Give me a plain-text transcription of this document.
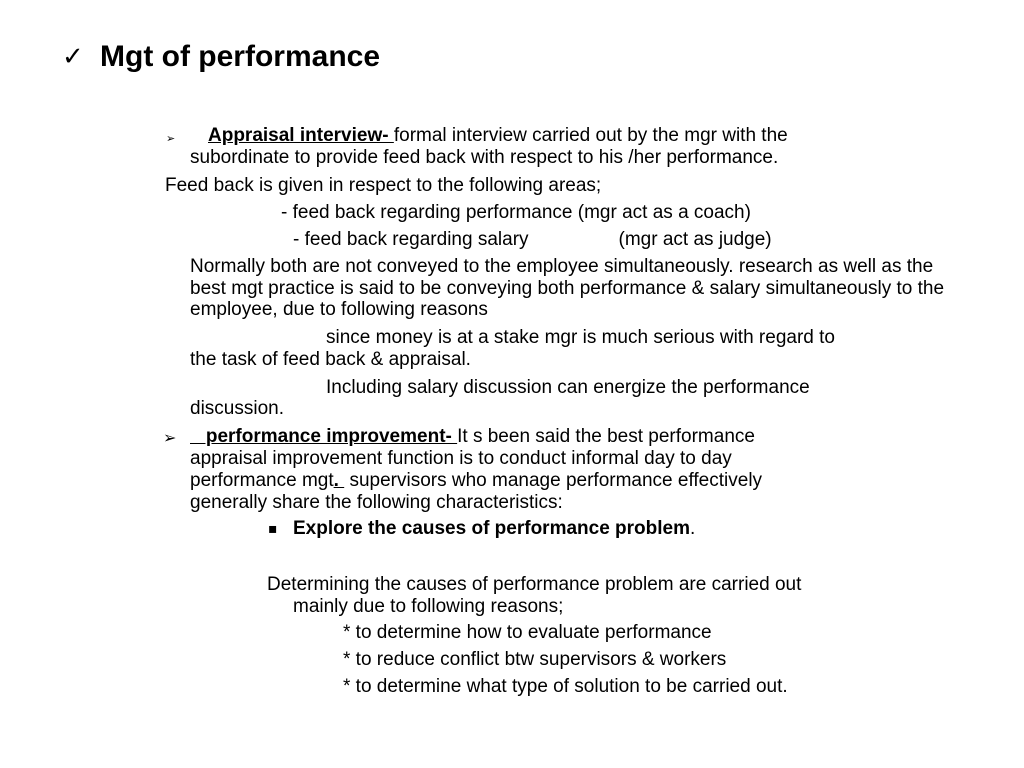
✓ Mgt of performance
➢ Appraisal interview- formal interview carried out by the mgr with the
subordinate to provide feed back with respect to his /her performance.
Feed back is given in respect to the following areas;
- feed back regarding performance (mgr act as a coach)
- feed back regarding salary	(mgr act as judge)
Normally both are not conveyed to the employee simultaneously. research as well as the best mgt practice is said to be conveying both performance & salary simultaneously to the employee, due to following reasons
since money is at a stake mgr is much serious with regard to
the task of feed back & appraisal.
Including salary discussion can energize the performance
discussion.
➢ performance improvement- It s been said the best performance
appraisal improvement function is to conduct informal day to day
performance mgt.  supervisors who manage performance effectively
generally share the following characteristics:
▪ Explore the causes of performance problem.
Determining the causes of performance problem are carried out
mainly due to following reasons;
* to determine how to evaluate performance
* to reduce conflict btw supervisors & workers
* to determine what type of solution to be carried out.
